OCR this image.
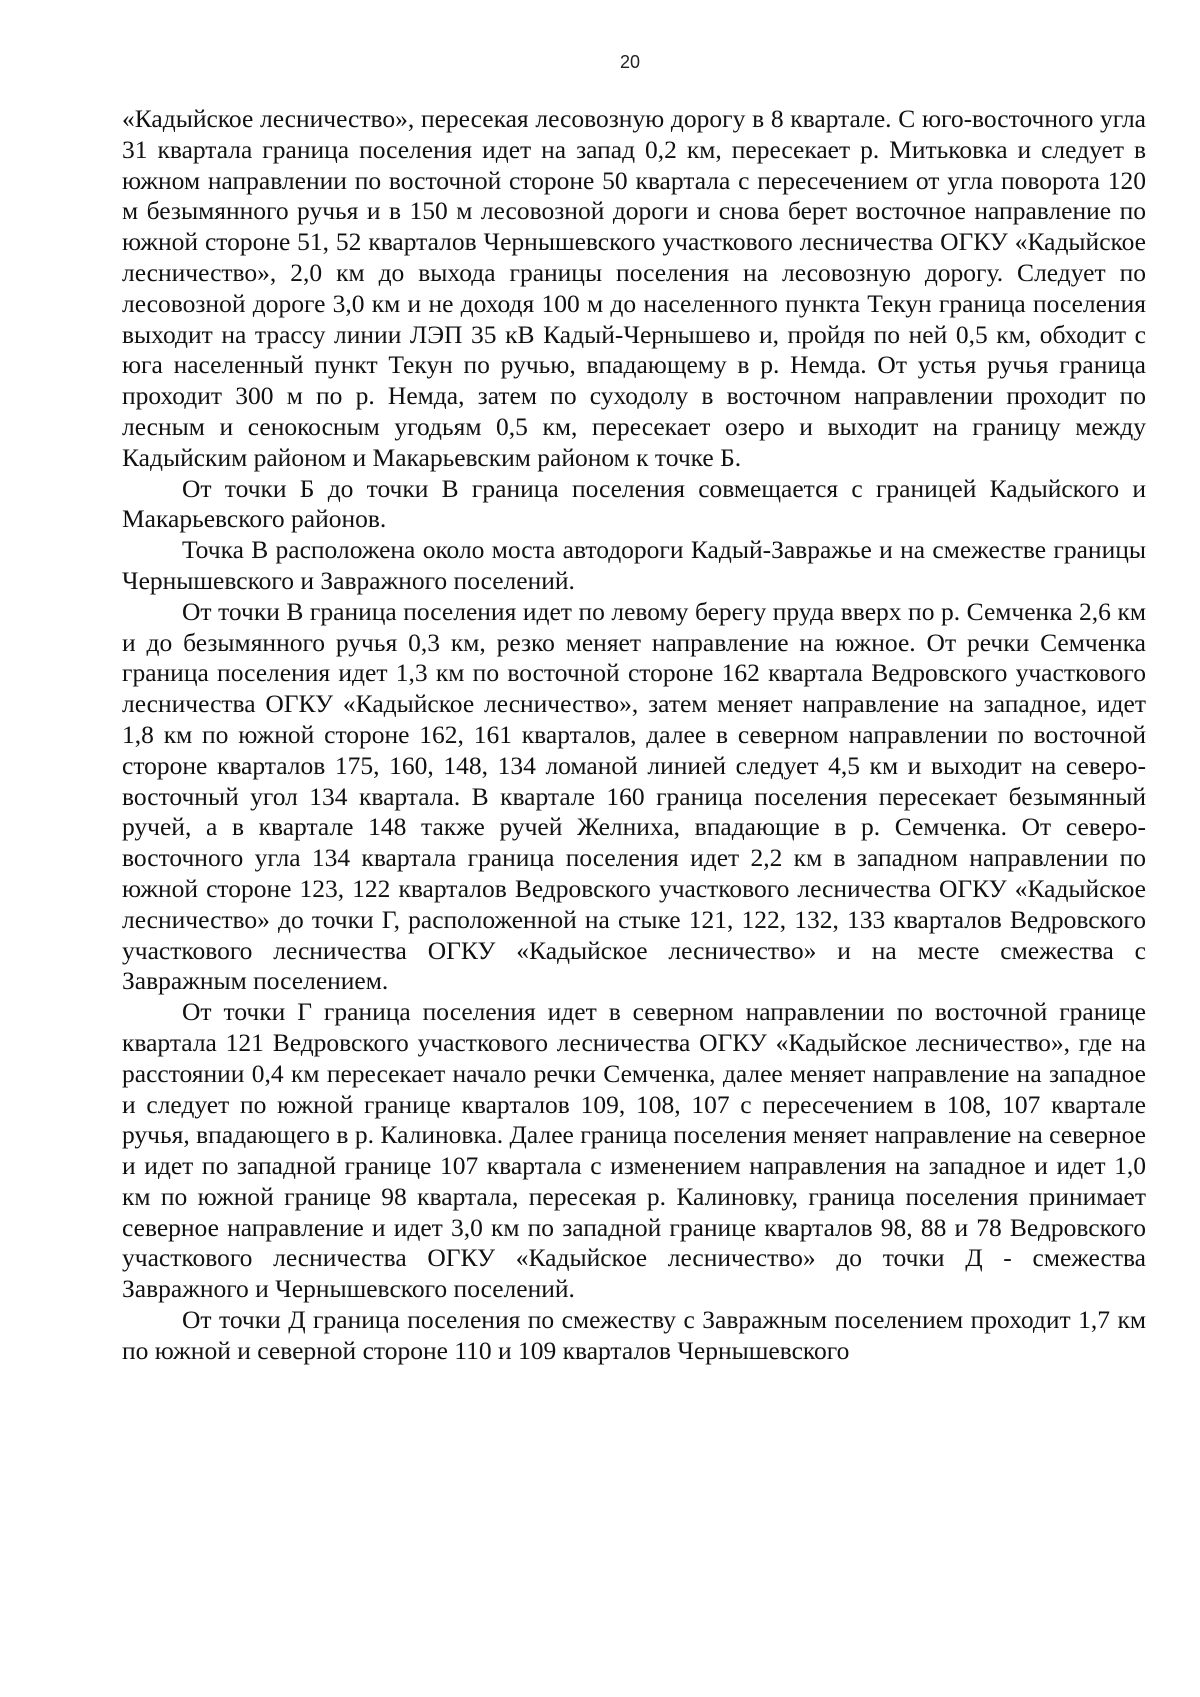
20

«Кадыйское лесничество», пересекая лесовозную дорогу в 8 квартале. С юго-восточного угла 31 квартала граница поселения идет на запад 0,2 км, пересекает р. Митьковка и следует в южном направлении по восточной стороне 50 квартала с пересечением от угла поворота 120 м безымянного ручья и в 150 м лесовозной дороги и снова берет восточное направление по южной стороне 51, 52 кварталов Чернышевского участкового лесничества ОГКУ «Кадыйское лесничество», 2,0 км до выхода границы поселения на лесовозную дорогу. Следует по лесовозной дороге 3,0 км и не доходя 100 м до населенного пункта Текун граница поселения выходит на трассу линии ЛЭП 35 кВ Кадый-Чернышево и, пройдя по ней 0,5 км, обходит с юга населенный пункт Текун по ручью, впадающему в р. Немда. От устья ручья граница проходит 300 м по р. Немда, затем по суходолу в восточном направлении проходит по лесным и сенокосным угодьям 0,5 км, пересекает озеро и выходит на границу между Кадыйским районом и Макарьевским районом к точке Б.

От точки Б до точки В граница поселения совмещается с границей Кадыйского и Макарьевского районов.

Точка В расположена около моста автодороги Кадый-Завражье и на смежестве границы Чернышевского и Завражного поселений.

От точки В граница поселения идет по левому берегу пруда вверх по р. Семченка 2,6 км и до безымянного ручья 0,3 км, резко меняет направление на южное. От речки Семченка граница поселения идет 1,3 км по восточной стороне 162 квартала Ведровского участкового лесничества ОГКУ «Кадыйское лесничество», затем меняет направление на западное, идет 1,8 км по южной стороне 162, 161 кварталов, далее в северном направлении по восточной стороне кварталов 175, 160, 148, 134 ломаной линией следует 4,5 км и выходит на северо-восточный угол 134 квартала. В квартале 160 граница поселения пересекает безымянный ручей, а в квартале 148 также ручей Желниха, впадающие в р. Семченка. От северо-восточного угла 134 квартала граница поселения идет 2,2 км в западном направлении по южной стороне 123, 122 кварталов Ведровского участкового лесничества ОГКУ «Кадыйское лесничество» до точки Г, расположенной на стыке 121, 122, 132, 133 кварталов Ведровского участкового лесничества ОГКУ «Кадыйское лесничество» и на месте смежества с Завражным поселением.

От точки Г граница поселения идет в северном направлении по восточной границе квартала 121 Ведровского участкового лесничества ОГКУ «Кадыйское лесничество», где на расстоянии 0,4 км пересекает начало речки Семченка, далее меняет направление на западное и следует по южной границе кварталов 109, 108, 107 с пересечением в 108, 107 квартале ручья, впадающего в р. Калиновка. Далее граница поселения меняет направление на северное и идет по западной границе 107 квартала с изменением направления на западное и идет 1,0 км по южной границе 98 квартала, пересекая р. Калиновку, граница поселения принимает северное направление и идет 3,0 км по западной границе кварталов 98, 88 и 78 Ведровского участкового лесничества ОГКУ «Кадыйское лесничество» до точки Д - смежества Завражного и Чернышевского поселений.

От точки Д граница поселения по смежеству с Завражным поселением проходит 1,7 км по южной и северной стороне 110 и 109 кварталов Чернышевского
